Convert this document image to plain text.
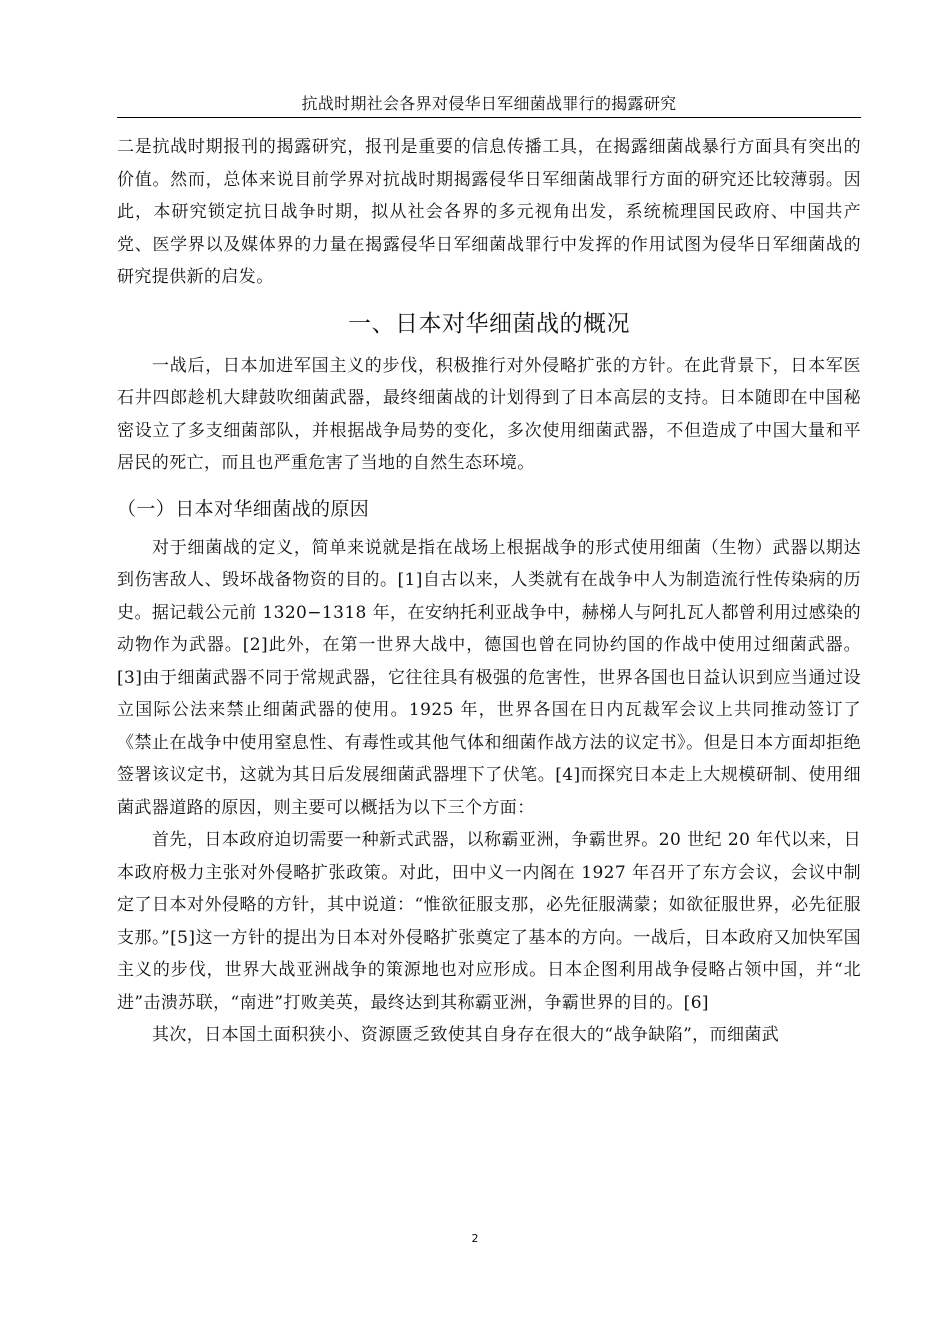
抗战时期社会各界对侵华日军细菌战罪行的揭露研究

二是抗战时期报刊的揭露研究，报刊是重要的信息传播工具，在揭露细菌战暴行方面具有突出的价值。然而，总体来说目前学界对抗战时期揭露侵华日军细菌战罪行方面的研究还比较薄弱。因此，本研究锁定抗日战争时期，拟从社会各界的多元视角出发，系统梳理国民政府、中国共产党、医学界以及媒体界的力量在揭露侵华日军细菌战罪行中发挥的作用试图为侵华日军细菌战的研究提供新的启发。

一、日本对华细菌战的概况

一战后，日本加进军国主义的步伐，积极推行对外侵略扩张的方针。在此背景下，日本军医石井四郎趁机大肆鼓吹细菌武器，最终细菌战的计划得到了日本高层的支持。日本随即在中国秘密设立了多支细菌部队，并根据战争局势的变化，多次使用细菌武器，不但造成了中国大量和平居民的死亡，而且也严重危害了当地的自然生态环境。

（一）日本对华细菌战的原因

对于细菌战的定义，简单来说就是指在战场上根据战争的形式使用细菌（生物）武器以期达到伤害敌人、毁坏战备物资的目的。[1]自古以来，人类就有在战争中人为制造流行性传染病的历史。据记载公元前 1320−1318 年，在安纳托利亚战争中，赫梯人与阿扎瓦人都曾利用过感染的动物作为武器。[2]此外，在第一世界大战中，德国也曾在同协约国的作战中使用过细菌武器。[3]由于细菌武器不同于常规武器，它往往具有极强的危害性，世界各国也日益认识到应当通过设立国际公法来禁止细菌武器的使用。1925 年，世界各国在日内瓦裁军会议上共同推动签订了《禁止在战争中使用窒息性、有毒性或其他气体和细菌作战方法的议定书》。但是日本方面却拒绝签署该议定书，这就为其日后发展细菌武器埋下了伏笔。[4]而探究日本走上大规模研制、使用细菌武器道路的原因，则主要可以概括为以下三个方面：

首先，日本政府迫切需要一种新式武器，以称霸亚洲，争霸世界。20 世纪 20 年代以来，日本政府极力主张对外侵略扩张政策。对此，田中义一内阁在 1927 年召开了东方会议，会议中制定了日本对外侵略的方针，其中说道：“惟欲征服支那，必先征服满蒙；如欲征服世界，必先征服支那。”[5]这一方针的提出为日本对外侵略扩张奠定了基本的方向。一战后，日本政府又加快军国主义的步伐，世界大战亚洲战争的策源地也对应形成。日本企图利用战争侵略占领中国，并“北进”击溃苏联，“南进”打败美英，最终达到其称霸亚洲，争霸世界的目的。[6]

其次，日本国土面积狭小、资源匮乏致使其自身存在很大的“战争缺陷”，而细菌武

2
